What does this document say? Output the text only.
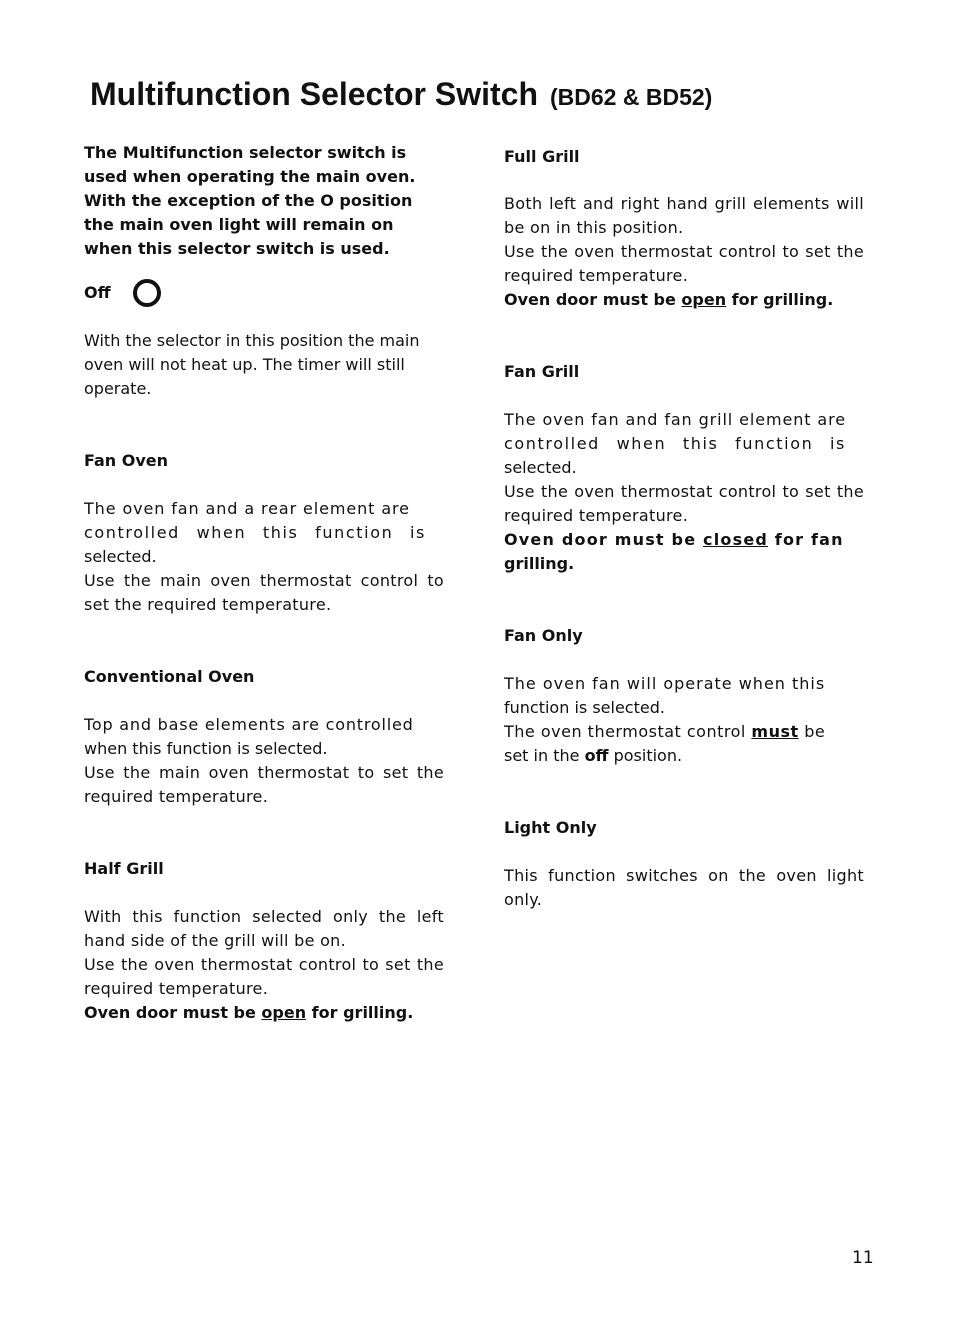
Multifunction Selector Switch (BD62 & BD52)

The Multifunction selector switch is used when operating the main oven. With the exception of the O position the main oven light will remain on when this selector switch is used.

Off

With the selector in this position the main oven will not heat up. The timer will still operate.

Fan Oven

The oven fan and a rear element are
controlled when this function is
selected.

Use the main oven thermostat control to set the required temperature.

Conventional Oven

Top and base elements are controlled
when this function is selected.

Use the main oven thermostat to set the required temperature.

Half Grill

With this function selected only the left hand side of the grill will be on.

Use the oven thermostat control to set the required temperature.

Oven door must be open for grilling.

Full Grill

Both left and right hand grill elements will be on in this position.

Use the oven thermostat control to set the required temperature.

Oven door must be open for grilling.

Fan Grill

The oven fan and fan grill element are
controlled when this function is
selected.

Use the oven thermostat control to set the required temperature.

Oven door must be closed for fan
grilling.

Fan Only

The oven fan will operate when this
function is selected.
The oven thermostat control must be
set in the off position.

Light Only

This function switches on the oven light only.

11
